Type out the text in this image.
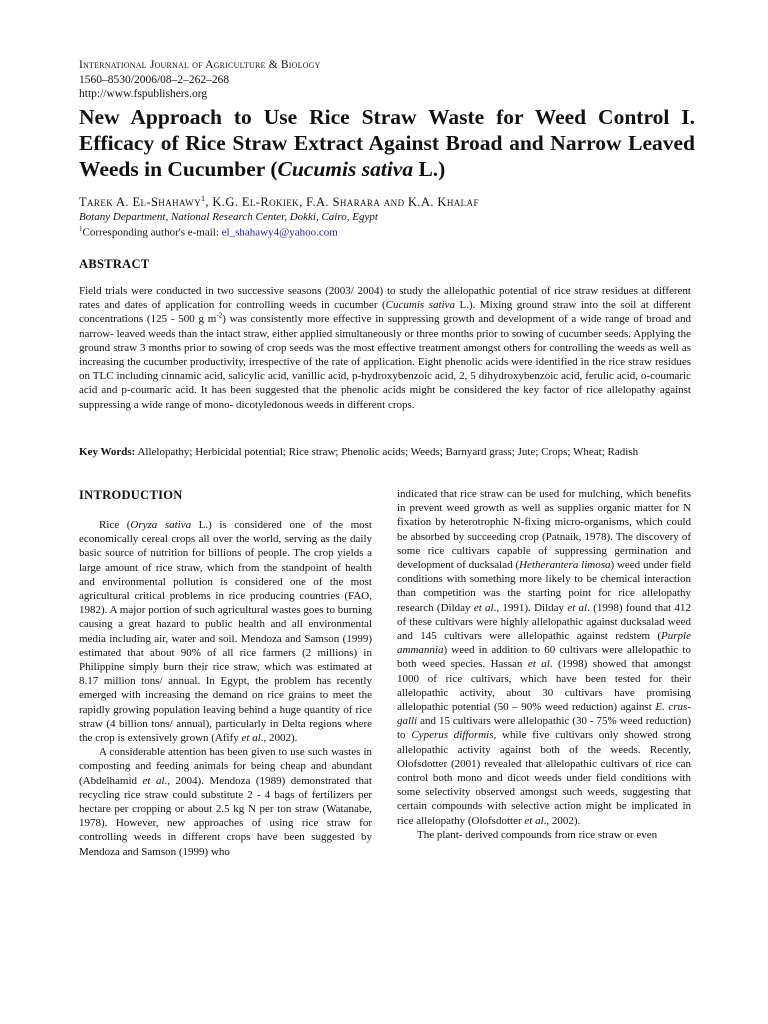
International Journal of Agriculture & Biology
1560–8530/2006/08–2–262–268
http://www.fspublishers.org
New Approach to Use Rice Straw Waste for Weed Control I. Efficacy of Rice Straw Extract Against Broad and Narrow Leaved Weeds in Cucumber (Cucumis sativa L.)
Tarek A. El-Shahawy$^1$, K.G. El-Rokiek, F.A. Sharara and K.A. Khalaf
Botany Department, National Research Center, Dokki, Cairo, Egypt
$^1$Corresponding author's e-mail: el_shahawy4@yahoo.com
ABSTRACT

Field trials were conducted in two successive seasons (2003/ 2004) to study the allelopathic potential of rice straw residues at different rates and dates of application for controlling weeds in cucumber (Cucumis sativa L.). Mixing ground straw into the soil at different concentrations (125 - 500 g $m^{-2}$) was consistently more effective in suppressing growth and development of a wide range of broad and narrow- leaved weeds than the intact straw, either applied simultaneously or three months prior to sowing of cucumber seeds. Applying the ground straw 3 months prior to sowing of crop seeds was the most effective treatment amongst others for controlling the weeds as well as increasing the cucumber productivity, irrespective of the rate of application. Eight phenolic acids were identified in the rice straw residues on TLC including cinnamic acid, salicylic acid, vanillic acid, p-hydroxybenzoic acid, 2, 5 dihydroxybenzoic acid, ferulic acid, o-coumaric acid and p-coumaric acid. It has been suggested that the phenolic acids might be considered the key factor of rice allelopathy against suppressing a wide range of mono- dicotyledonous weeds in different crops.

Key Words: Allelopathy; Herbicidal potential; Rice straw; Phenolic acids; Weeds; Barnyard grass; Jute; Crops; Wheat; Radish

INTRODUCTION

Rice (Oryza sativa L.) is considered one of the most economically cereal crops all over the world, serving as the daily basic source of nutrition for billions of people. The crop yields a large amount of rice straw, which from the standpoint of health and environmental pollution is considered one of the most agricultural critical problems in rice producing countries (FAO, 1982). A major portion of such agricultural wastes goes to burning causing a great hazard to public health and all environmental media including air, water and soil. Mendoza and Samson (1999) estimated that about 90% of all rice farmers (2 millions) in Philippine simply burn their rice straw, which was estimated at 8.17 million tons/ annual. In Egypt, the problem has recently emerged with increasing the demand on rice grains to meet the rapidly growing population leaving behind a huge quantity of rice straw (4 billion tons/ annual), particularly in Delta regions where the crop is extensively grown (Afify et al., 2002).

A considerable attention has been given to use such wastes in composting and feeding animals for being cheap and abundant (Abdelhamid et al., 2004). Mendoza (1989) demonstrated that recycling rice straw could substitute 2 - 4 bags of fertilizers per hectare per cropping or about 2.5 kg N per ton straw (Watanabe, 1978). However, new approaches of using rice straw for controlling weeds in different crops have been suggested by Mendoza and Samson (1999) who

indicated that rice straw can be used for mulching, which benefits in prevent weed growth as well as supplies organic matter for N fixation by heterotrophic N-fixing micro-organisms, which could be absorbed by succeeding crop (Patnaik, 1978). The discovery of some rice cultivars capable of suppressing germination and development of ducksalad (Hetherantera limosa) weed under field conditions with something more likely to be chemical interaction than competition was the starting point for rice allelopathy research (Dilday et al., 1991). Dilday et al. (1998) found that 412 of these cultivars were highly allelopathic against ducksalad weed and 145 cultivars were allelopathic against redstem (Purple ammannia) weed in addition to 60 cultivars were allelopathic to both weed species. Hassan et al. (1998) showed that amongst 1000 of rice cultivars, which have been tested for their allelopathic activity, about 30 cultivars have promising allelopathic potential (50 – 90% weed reduction) against E. crus-galli and 15 cultivars were allelopathic (30 - 75% weed reduction) to Cyperus difformis, while five cultivars only showed strong allelopathic activity against both of the weeds. Recently, Olofsdotter (2001) revealed that allelopathic cultivars of rice can control both mono and dicot weeds under field conditions with some selectivity observed amongst such weeds, suggesting that certain compounds with selective action might be implicated in rice allelopathy (Olofsdotter et al., 2002).

The plant- derived compounds from rice straw or even
